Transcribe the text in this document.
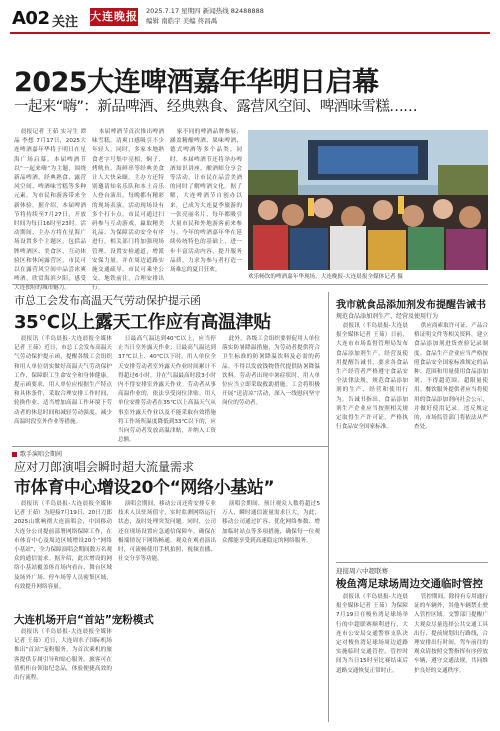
A02 关注 大连晚报 2025.7.17 星期四 新闻热线 82488888
编辑 南皓宇 美编 佟昌禹
2025大连啤酒嘉年华明日启幕
一起来“嗨”：新品啤酒、经典熟食、露营风空间、啤酒味雪糕……

晨报记者 王茹 实习生 谭晶 李想 7月17日，2025大连啤酒嘉年华将于明日在星海广场启幕。本届啤酒节以“一起来嗨”为主题，围绕新品啤酒、经典熟食、露营风空间、啤酒味雪糕等多种元素，为市民和游客带来全新体验。据介绍，本届啤酒节将持续至7月27日，开放时间为每日16时至23时。活动期间，主办方将在星海广场设置多个主题区，包括品牌啤酒区、美食区、互动体验区和休闲露营区，市民可以在露营风空间中品尝冰爽啤酒，欣赏海滨夕阳，感受大连独特的城市魅力。

本届啤酒节首次推出啤酒味雪糕，清爽口感吸引不少年轻人。同时，多家本地熟食老字号集中亮相，焖子、烤鱿鱼、海鲜串等经典美食让人大快朵颐。主办方还特别邀请知名乐队和本土音乐人登台演出，每晚都有精彩的现场表演。活动现场设有多个打卡点，市民可通过扫码参与互动游戏，赢取精美礼品。为保障活动安全有序进行，相关部门将加强现场管理，设置安检通道，增派安保力量，并在周边道路实施交通疏导。市民可乘坐公交、地铁前往，合理安排出行。

家不同的啤酒品牌参展，涵盖精酿啤酒、果味啤酒、德式啤酒等多个品类。同时，本届啤酒节还将举办啤酒知识讲座、酿酒师分享会等活动，让市民在品尝美酒的同时了解啤酒文化。据了解，大连啤酒节自创办以来，已成为大连夏季旅游的一张亮丽名片，每年都吸引大量市民和外地游客前来参与。今年的啤酒嘉年华在延续传统特色的基础上，进一步丰富活动内容，提升服务品质，力求为参与者打造一场难忘的夏日狂欢。

欢乐畅饮的啤酒嘉年华现场。大连晚报-大连晨报全媒体记者 摄
市总工会发布高温天气劳动保护提示函
35℃以上露天工作应有高温津贴

晨报讯（半岛晨报-大连晨报全媒体记者 王茹）近日，市总工会发布高温天气劳动保护提示函，提醒各级工会组织和用人单位切实做好高温天气劳动保护工作，保障职工生命安全和身体健康。提示函要求，用人单位应根据生产特点和具体条件，采取合理安排工作时间、轮换作业、适当增加高温工作环境下劳动者的休息时间和减轻劳动强度、减少高温时段室外作业等措施。

日最高气温达到40℃以上，应当停止当日室外露天作业；日最高气温达到37℃以上、40℃以下时，用人单位全天安排劳动者室外露天作业时间累计不得超过6小时，并在气温最高时段3小时内不得安排室外露天作业。劳动者从事高温作业的，依法享受岗位津贴。用人单位安排劳动者在35℃以上高温天气从事室外露天作业以及不能采取有效措施将工作场所温度降低到33℃以下的，应当向劳动者发放高温津贴，并纳入工资总额。

此外，各级工会组织要督促用人单位落实防暑降温措施，为劳动者提供符合卫生标准的防暑降温饮料及必需的药品。不得以发放钱物替代提供防暑降温饮料。劳动者出现中暑症状时，用人单位应当立即采取救助措施。工会将积极开展“送清凉”活动，深入一线慰问坚守岗位的劳动者。

我市就食品添加剂发布提醒告诫书
规范食品添加剂生产、经营及使用行为

晨报讯（半岛晨报-大连晨报全媒体记者 王茹）日前，大连市市场监督管理局发布食品添加剂生产、经营及使用提醒告诫书，要求各食品生产经营者严格遵守食品安全法律法规，规范食品添加剂的生产、经营和使用行为。告诫书指出，食品添加剂生产企业应当按照相关规定取得生产许可证，严格执行食品安全国家标准。

供应商索取许可证、产品合格证明文件等相关资料，建立食品添加剂进货查验记录制度。食品生产企业应当严格按照食品安全国家标准规定的品种、范围和用量使用食品添加剂，不得超范围、超限量使用。餐饮服务提供者应当将使用的食品添加剂向社会公示，并做好使用记录。违反规定的，市场监管部门将依法从严查处。

歌手演唱会期间
应对刀郎演唱会瞬时超大流量需求
市体育中心增设20个“网络小基站”

晨报讯（半岛晨报-大连晨报全媒体记者 王茹）为迎接7月19日、20日刀郎2025山歌响彻大连演唱会，中国移动大连分公司提前部署网络保障工作，在市体育中心及周边区域增设20个“网络小基站”，全力保障演唱会期间数万名观众的通信需求。据介绍，此次增设的网络小基站覆盖体育场内看台、舞台区域及场外广场、停车场等人员密集区域，有效提升网络容量。

演唱会期间，移动公司还将安排专业技术人员驻场值守，实时监测网络运行状态，及时处理突发问题。同时，公司还在现场设置应急通信保障车，确保在极端情况下网络畅通。观众在观看演出时，可流畅使用手机拍照、视频直播、社交分享等功能。

演唱会期间，预计观众人数将超过5万人，瞬时通信流量需求巨大。为此，移动公司通过扩容、优化网络参数、增加临时站点等多项措施，确保每一位观众都能享受到高速稳定的网络服务。

大连机场开启“首站”宠粉模式

晨报讯（半岛晨报-大连晨报全媒体记者 王茹）近日，大连周水子国际机场推出“首站”宠粉服务，为首次乘机的旅客提供专属引导和贴心服务。旅客可在值机柜台领取纪念品，体验便捷高效的出行流程。

迎接周六中超联赛
梭鱼湾足球场周边交通临时管控

晨报讯（半岛晨报-大连晨报全媒体记者 王茹）为保障7月19日在梭鱼湾足球场举行的中超联赛顺利进行，大连市公安局交通警察支队决定对梭鱼湾足球场周边道路实施临时交通管控。管控时间为当日15时至比赛结束后道路交通恢复正常时止。

管控期间，除持有专用通行证的车辆外，其他车辆禁止驶入管控区域。交警部门提醒广大观众尽量选择公共交通工具出行，提前规划出行路线，合理安排出行时间。驾车前往的观众请按照交警指挥有序停放车辆，遵守交通法规，共同维护良好的交通秩序。
